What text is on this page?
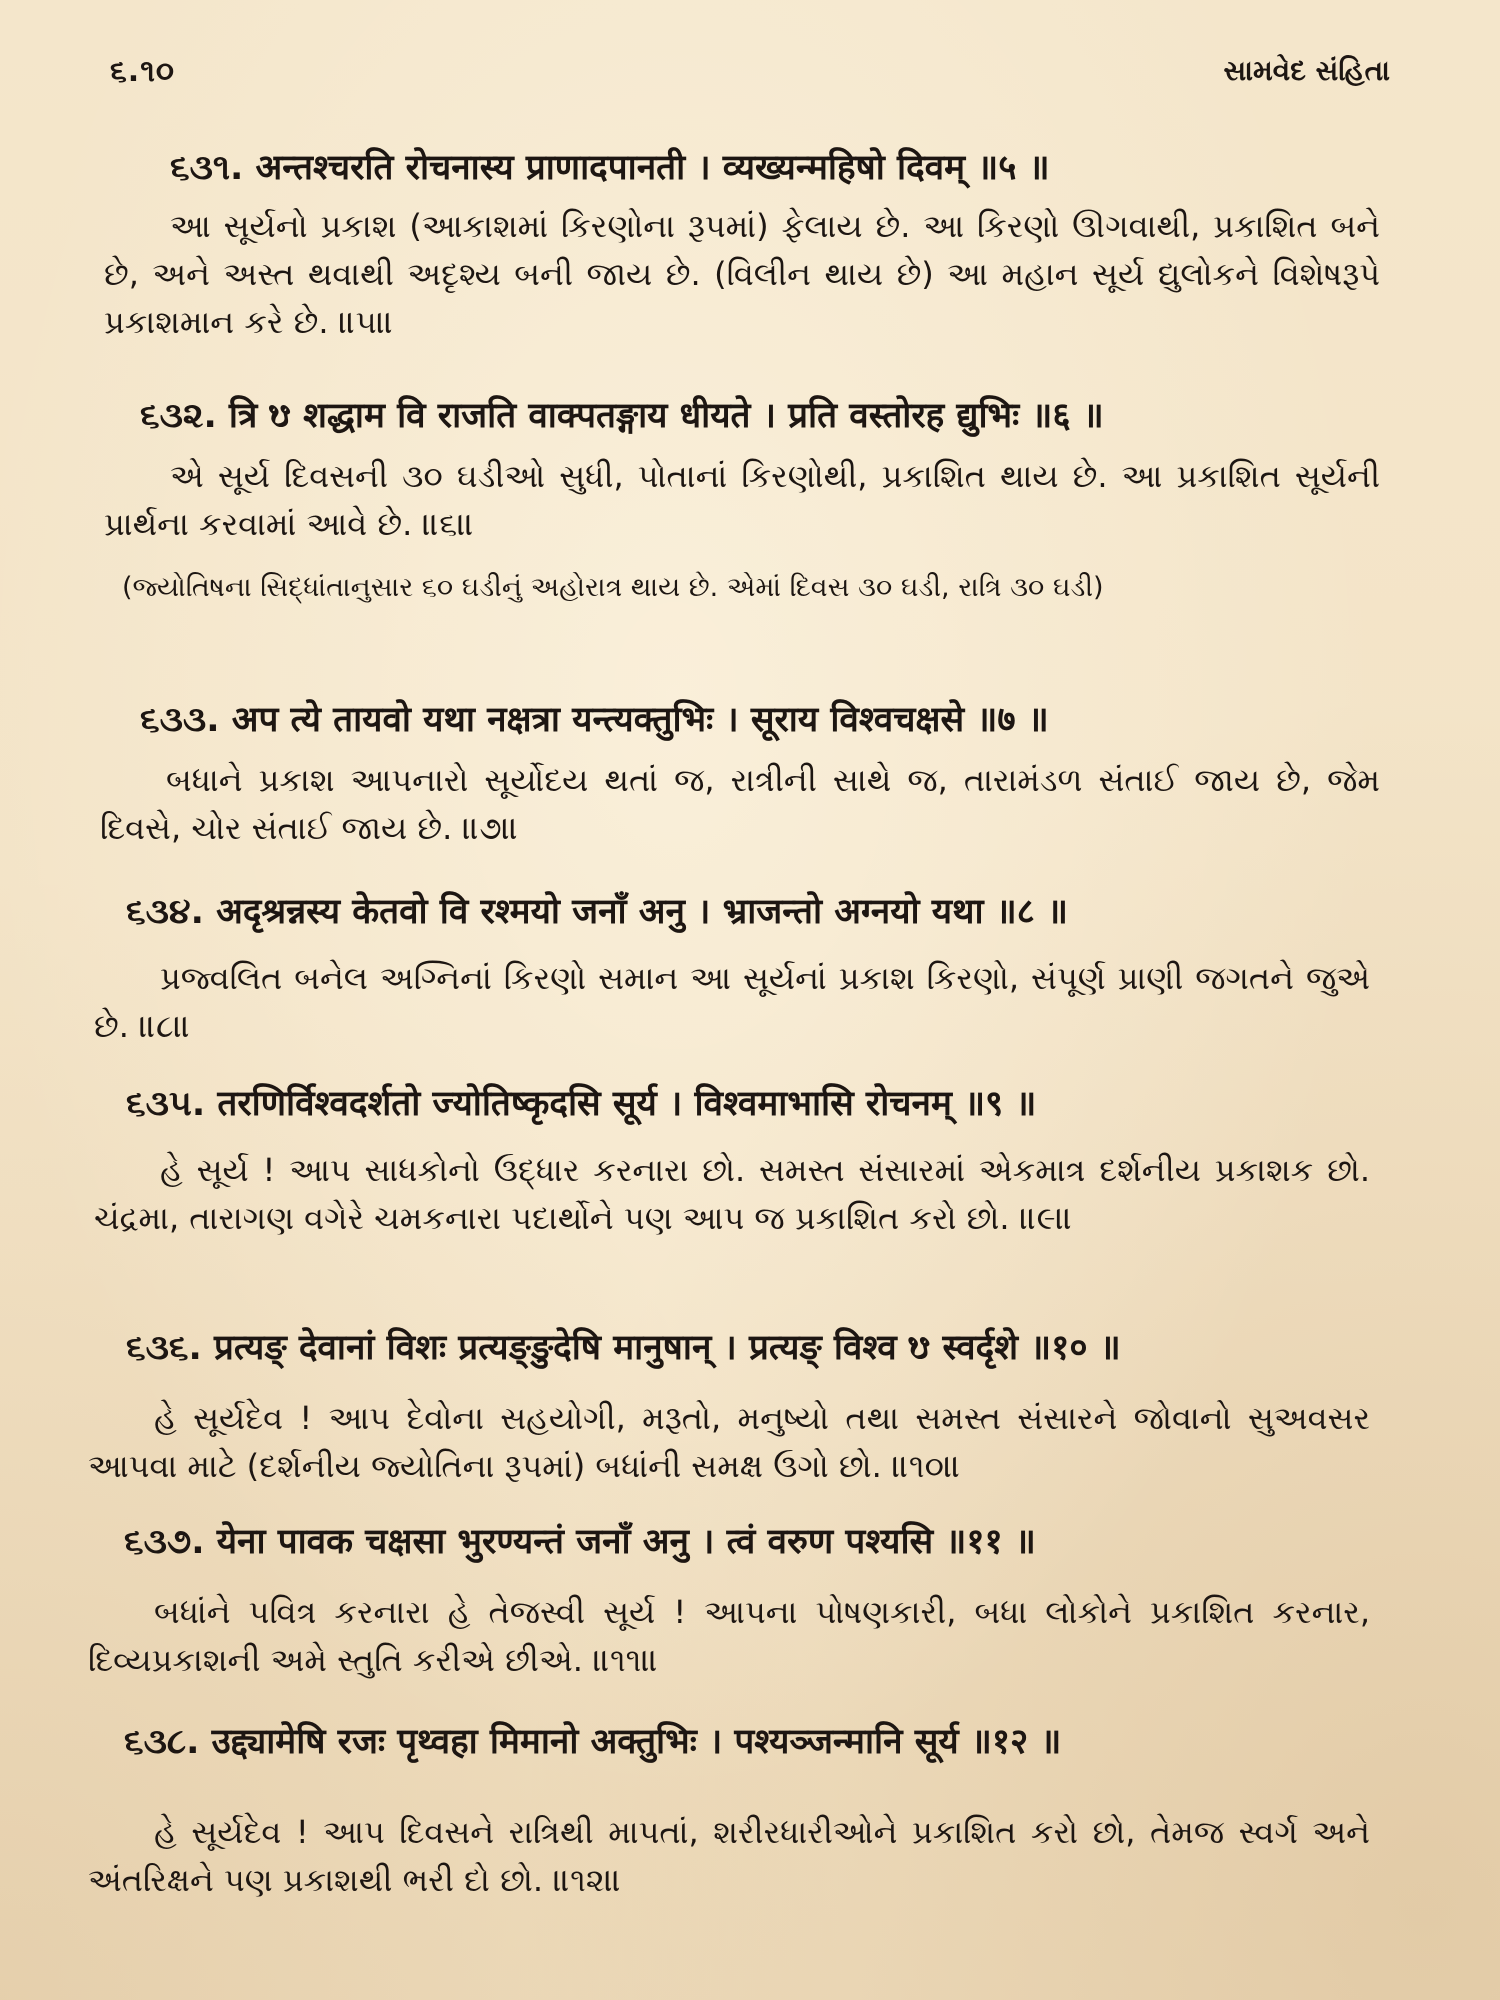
૬.૧૦	સામવેદ સંહિતા
૬૩૧. अन्तश्चरति रोचनास्य प्राणादपानती । व्यख्यन्महिषो दिवम् ॥५ ॥
આ સૂર્યનો પ્રકાશ (આકાશમાં કિરણોના રૂપમાં) ફેલાય છે. આ કિરણો ઊગવાથી, પ્રકાશિત બને છે, અને અસ્ત થવાથી અદૃશ્ય બની જાય છે. (વિલીન થાય છે) આ મહાન સૂર્ય દ્યુલોકને વિશેષરૂપે પ્રકાશમાન કરે છે. ॥૫॥
૬૩૨. त्रि ᳪ शद्धाम वि राजति वाक्पतङ्गाय धीयते । प्रति वस्तोरह द्युभिः ॥६ ॥
એ સૂર્ય દિવસની ૩૦ ઘડીઓ સુધી, પોતાનાં કિરણોથી, પ્રકાશિત થાય છે. આ પ્રકાશિત સૂર્યની પ્રાર્થના કરવામાં આવે છે. ॥૬॥
(જ્યોતિષના સિદ્ધાંતાનુસાર ૬૦ ઘડીનું અહોરાત્ર થાય છે. એમાં દિવસ ૩૦ ઘડી, રાત્રિ ૩૦ ઘડી)
૬૩૩. अप त्ये तायवो यथा नक्षत्रा यन्त्यक्तुभिः । सूराय विश्वचक्षसे ॥७ ॥
બધાને પ્રકાશ આપનારો સૂર્યોદય થતાં જ, રાત્રીની સાથે જ, તારામંડળ સંતાઈ જાય છે, જેમ દિવસે, ચોર સંતાઈ જાય છે. ॥૭॥
૬૩૪. अदृश्रन्नस्य केतवो वि रश्मयो जनाँ अनु । भ्राजन्तो अग्नयो यथा ॥८ ॥
પ્રજ્વલિત બનેલ અગ્નિનાં કિરણો સમાન આ સૂર્યનાં પ્રકાશ કિરણો, સંપૂર્ણ પ્રાણી જગતને જુએ છે. ॥૮॥
૬૩૫. तरणिर्विश्वदर्शतो ज्योतिष्कृदसि सूर्य । विश्वमाभासि रोचनम् ॥९ ॥
હે સૂર્ય ! આપ સાધકોનો ઉદ્ધાર કરનારા છો. સમસ્ત સંસારમાં એકમાત્ર દર્શનીય પ્રકાશક છો. ચંદ્રમા, તારાગણ વગેરે ચમકનારા પદાર્થોને પણ આપ જ પ્રકાશિત કરો છો. ॥૯॥
૬૩૬. प्रत्यङ् देवानां विशः प्रत्यङ्ङुदेषि मानुषान् । प्रत्यङ् विश्व ᳪ स्वर्दृशे ॥१० ॥
હે સૂર્યદેવ ! આપ દેવોના સહયોગી, મરૂતો, મનુષ્યો તથા સમસ્ત સંસારને જોવાનો સુઅવસર આપવા માટે (દર્શનીય જ્યોતિના રૂપમાં) બધાંની સમક્ષ ઉગો છો. ॥૧૦॥
૬૩૭. येना पावक चक्षसा भुरण्यन्तं जनाँ अनु । त्वं वरुण पश्यसि ॥११ ॥
બધાંને પવિત્ર કરનારા હે તેજસ્વી સૂર્ય ! આપના પોષણકારી, બધા લોકોને પ્રકાશિત કરનાર, દિવ્યપ્રકાશની અમે સ્તુતિ કરીએ છીએ. ॥૧૧॥
૬૩૮. उद्द्यामेषि रजः पृथ्वहा मिमानो अक्तुभिः । पश्यञ्जन्मानि सूर्य ॥१२ ॥
હે સૂર્યદેવ ! આપ દિવસને રાત્રિથી માપતાં, શરીરધારીઓને પ્રકાશિત કરો છો, તેમજ સ્વર્ગ અને અંતરિક્ષને પણ પ્રકાશથી ભરી દો છો. ॥૧૨॥
